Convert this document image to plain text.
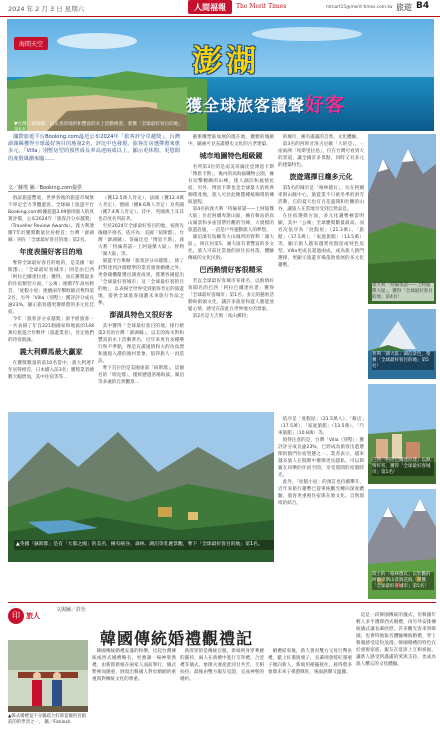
2024 年 2 月 3 日 星期六	人間福報	The Merit Times	mtnart15@merit-times.com.tw 旅遊 B4
海間天空	澎湖
獲全球旅客讚聲好客
▼台灣「澎湖縣」以友善的地形和豐富的水上活動吸客，榮獲「全球最好客目的地」第6名。
國際旅遊平台Booking.com最近公布2024年「旅客評分卓越獎」，台灣澎湖縣獲得全球最好客目的地第2名，評比中也發現，旅客訂房選擇愈來愈多元，「Villa」別墅房型的預售成長率高達兩成以上，顯示更休閒、更悠閒的度假風潮來臨……
文／蘇瑤 圖／Booking.com提供

俗諺旅遊豐收，世界各地的旅遊市場無不卯足全力爭攬遊客。全球線上旅遊平台Booking.com根據超過3.09億則旅人的真實評價，公布2024年「旅客評分卓越獎」（Traveller Review Awards）。義大利連續7年於獲獎數量位居榜首；台灣「澎湖縣」則在「全球最好客目的地」第2名。

年度表揚好客目的地

奪得全球最好客目的地的，是美國「紐斯郡」；「全球最好客城市」則是由巴西「阿拉巴爾達拉達」獲得，而在獲獎最多的住宿類型方面，「公寓」連續7年高居榜首，「度假小屋」連續兩年擊敗飯店奪得第2名，另外「Villa（別墅）」獲評評分成長逾23%，顯示旅客越更選擇愈的多元化佳宿。

今年「旅客評分卓越獎」頒予給旅客一一共表揚了年自221個國家和地區的148萬位旅遊合作夥伴（旅遊業者），肯定他們的待客熱誠。

義大利蟬馬最大贏家

在獲獎數量的前10名當中，義大利連7年居得榜首，日本續入前3名；獲獎業者總數大幅增加，其中住宿等等…

（獲12.5萬人肯定）、法國（獲12.4萬人肯定）、德國（獲8.6萬人肯定）及英國（獲7.4萬人肯定）。其中，英國與土耳其也首度名列前茅。

至於2024年全球最好客目的地，按照先後順序排名，依序為：美國「紐斯郡」、台灣「澎湖縣」、哥倫比亞「博恩卡斯」、義大利「特倫蒂諾－上阿迪傑大區」、智利「湖大區」等。

旅遊平台舉辦「旅客評分卓越獎」，除了針對達到評價標準的業者頒發續優之外，更會藉機釐選出調查成果，將選各國提出「全球最好客城市」及「全球最好客的目的地」，以表揚全世界受到旅客肯定的旅遊地，提供全球旅客規劃未來旅行作品之參。

澎湖具特色又很好客

其中獲得「全球最好客目的地」排行榜第2名的台灣「澎湖縣」，以友的海水對和豐富的水上活動著名，近年來更有多種樂行和不季點，像是充滿風情和大的仿魚漂和漁船入港的漁村景象，值得旅人一再造訪。

奪下首位的是美國東部「紐斯郡」，這個名的「瑞克郡」，僅經歷過洛場海波、湖泊等多處的自然觀景…

藝術雕塑區加展的現在地，優雅的城鎮中，隨處可見充滿歷史文化的古老建築。

城市地圖特色超級鏡

名列第3位的是南美哥倫比亞博恩卡斯「博恩卡斯」，後內的高海拔購物公園，擁有衍擊精緻的山峰，迷人湖泊和風情民宿，另外，博恩卡斯也是全球最大的經典咖啡產地，旅人可於此飽覽種植咖啡的傳統過程。

第4名的義大利「特倫蒂諾——上阿迪傑大區」位於阿爾卑斯山區，擁有韓站的高山湖景和多座頂帶壯觀的雪峰，大規模的旅遊設施，一直是戶外運動旅人的夢想。

湖泊濱有島嶼等大山城所的智利「湖大區」，則在居第5，湖大區有著豐富的多文化，旅人可前往當地的原住民村落，體驗傳統的文化民俗。

巴西熱情好客很精采

若以全球最好客城市來排名，以熱情好客聞名的巴西「阿拉巴爾達拉達」獲得「全球最好客城市」第1名。多元的藝術活動和街頭文化，讓許多旅客和遊人藝能放鬆心情，感受在前此在世界地方的景象。

第2名是大吉嶺「高山郵特」

的城市，擁有滿滿的自然、文化體驗。

第3名的西班牙洛古尼歐「大的亞」，一座兩洲「埃斯里拉島」，位在台灣可看到大的景道，讓全國許多景點，同時又有多元的建築特色。

旅遊選擇日趨多元化

第5名的城市是「格林德瓦」，位在阿爾卑斯山脈中心，旅遊業不只被冬季的滑雪活動，它的夏天也有百花盛開和壯觀的山谷，讓旅人在當地享受到自然氣息。

在住宿選擇方面，多元化趨勢極當明顯，其中「公寓」全球獲獎數量最高。而名次依序為「度假屋」（21.3萬）、「旅館」（17.5萬）、「家庭旅館」（13.5萬）等，顯示旅人越來越愛度假屋或特色房型，Villa更成長超過兩成，成為旅人熱門選擇，更顯示旅遊市場蓬勃發展的多元化趨勢。

▲英國「蘇斯郡」是有「大都之國」的美名，擁有峽谷、森林、湖泊等壯麗景觀，奪下「全球最好客目的地」第1名。
義大利「特倫蒂諾——上阿迪傑大區」，獲得「全球最好客目的地」第4名！
智利「湖大區」湖泊景色，榮獲「全球最好客目的地」第5名！
巴西「阿拉巴爾達拉達」以熱情好客，獲得「全球最好客城市」第1名！
瑞士的「格林德瓦」以壯觀的阿爾卑斯山景與花海，榮獲「全球最好客城市」第5名！

依序是「度假屋」（21.5萬人）、「飯店」（17.5萬）、「家庭旅館」（13.5萬）、「汽車旅館」（10.8萬）等。

值得注意的是，台灣「Villa（別墅）」獲評評分成長逾23%，已經成為旅客出遊選擇的熱門住宿型態之一。業者表示，越來越多旅人在假期中選擇更具隱私、可以與親友同樂的住宿空間，享受悠閒的度假時光。

此外，「度假小屋」的預訂也持續攀升，近年來旅行趨勢已從單純觀光轉向深度體驗，旅客更重視住宿與在地文化、自然環境的結合。

印 旅人
文與圖／許仕
韓國傳統婚禮觀禮記
▲韓式婚禮宴不分親疏大好節宴慶的宮殿前的的學習之一。 攝／Ficklock
韓國傳統婚禮充滿的和樂，比起台灣傳統或西式婚禮略有，更強調一場神聖典禮，由新郎新娘在兩家人面前舉行，儀式繁複而隆重，展現出韓國人對於婚姻的重視與對傳統文化的尊重。
新郎穿的是傳統官服，新娘則身穿華麗的圓衫，兩人在典禮中進行交拜禮、合巹禮等儀式，象徵夫妻從此同甘共苦、互相扶持，最後由雙方親友見證，完成神聖的婚約。
婚禮結束後，新人會向雙方父母行幣帛禮，獻上紅棗與栗子，長輩則會將紅棗栗子拋向新人，新娘用裙擺接住，接得愈多象徵未來子孫愈興旺，場面熱鬧又溫馨。
這是一段韓國傳統的儀式，但韓國年輕人多半選擇西式婚禮，再另外安排傳統儀式讓長輩欣慰。許多觀光客來到韓國，也會特地報名體驗傳統婚禮，穿上韓服感受這份浪漫。韓國婚禮的特色在於重視家族，親友在宴席上互相祝福，讓新人感受到滿滿的愛與支持，也成為旅人難忘的文化體驗。
